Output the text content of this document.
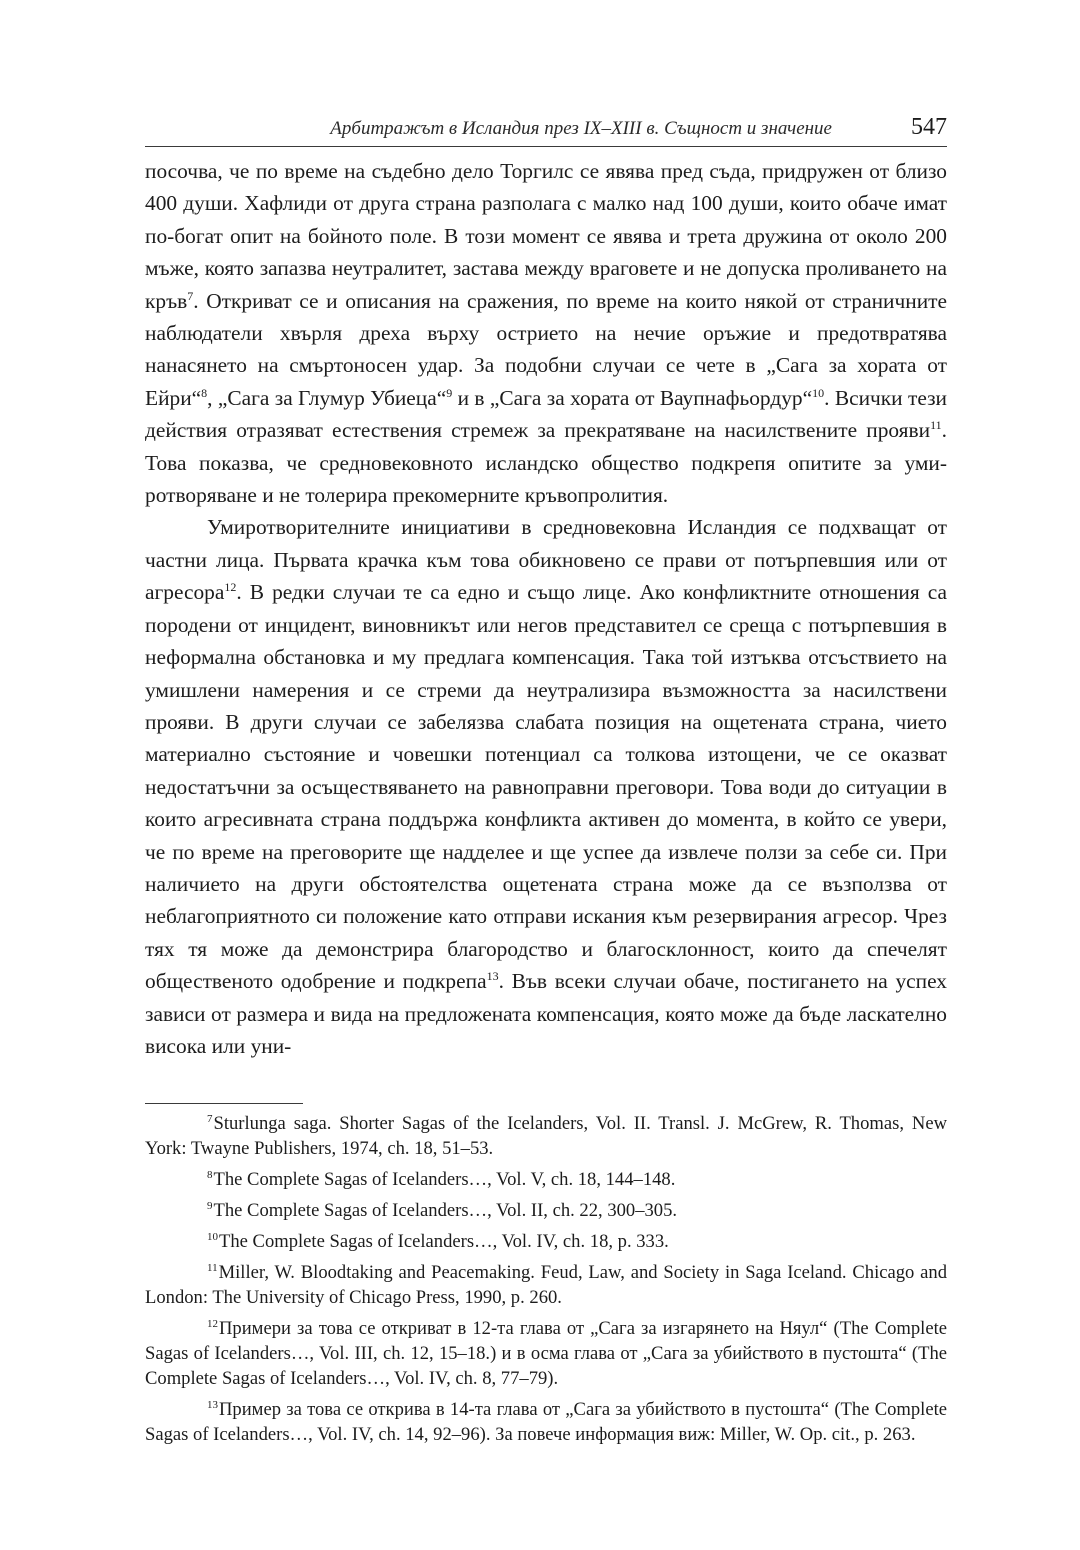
Арбитражът в Исландия през IX–XIII в. Същност и значение	547

посочва, че по време на съдебно дело Торгилс се явява пред съда, придружен от близо 400 души. Хафлиди от друга страна разполага с малко над 100 души, които обаче имат по-богат опит на бойното поле. В този момент се явява и трета дружина от около 200 мъже, която запазва неутралитет, застава между враговете и не допуска проливането на кръв$^7$. Откриват се и описания на сражения, по време на които някой от страничните наблюдатели хвърля дреха върху острието на нечие оръжие и предотвратява нанасянето на смъртоносен удар. За подобни случаи се чете в „Сага за хората от Ейри“$^8$, „Сага за Глумур Убиеца“$^9$ и в „Сага за хората от Ваупнафьордур“$^{10}$. Всички тези действия отразяват естествения стремеж за прекратяване на насилствените прояви$^{11}$. Това показва, че средновековното исландско общество подкрепя опитите за умиротворяване и не толерира прекомерните кръвопролития.

Умиротворителните инициативи в средновековна Исландия се подхващат от частни лица. Първата крачка към това обикновено се прави от потърпевшия или от агресора$^{12}$. В редки случаи те са едно и също лице. Ако конфликтните отношения са породени от инцидент, виновникът или негов представител се среща с потърпевшия в неформална обстановка и му предлага компенсация. Така той изтъква отсъствието на умишлени намерения и се стреми да неутрализира възможността за насилствени прояви. В други случаи се забелязва слабата позиция на ощетената страна, чието материално състояние и човешки потенциал са толкова изтощени, че се оказват недостатъчни за осъществяването на равноправни преговори. Това води до ситуации в които агресивната страна поддържа конфликта активен до момента, в който се увери, че по време на преговорите ще надделее и ще успее да извлече ползи за себе си. При наличието на други обстоятелства ощетената страна може да се възползва от неблагоприятното си положение като отправи искания към резервирания агресор. Чрез тях тя може да демонстрира благородство и благосклонност, които да спечелят общественото одобрение и подкрепа$^{13}$. Във всеки случаи обаче, постигането на успех зависи от размера и вида на предложената компенсация, която може да бъде ласкателно висока или уни-

$^7$Sturlunga saga. Shorter Sagas of the Icelanders, Vol. II. Transl. J. McGrew, R. Thomas, New York: Twayne Publishers, 1974, ch. 18, 51–53.

$^8$The Complete Sagas of Icelanders…, Vol. V, ch. 18, 144–148.

$^9$The Complete Sagas of Icelanders…, Vol. II, ch. 22, 300–305.

$^{10}$The Complete Sagas of Icelanders…, Vol. IV, ch. 18, p. 333.

$^{11}$Miller, W. Bloodtaking and Peacemaking. Feud, Law, and Society in Saga Iceland. Chicago and London: The University of Chicago Press, 1990, p. 260.

$^{12}$Примери за това се откриват в 12-та глава от „Сага за изгарянето на Няул“ (The Complete Sagas of Icelanders…, Vol. III, ch. 12, 15–18.) и в осма глава от „Сага за убийството в пустошта“ (The Complete Sagas of Icelanders…, Vol. IV, ch. 8, 77–79).

$^{13}$Пример за това се открива в 14-та глава от „Сага за убийството в пустошта“ (The Complete Sagas of Icelanders…, Vol. IV, ch. 14, 92–96). За повече информация виж: Miller, W. Op. cit., p. 263.
